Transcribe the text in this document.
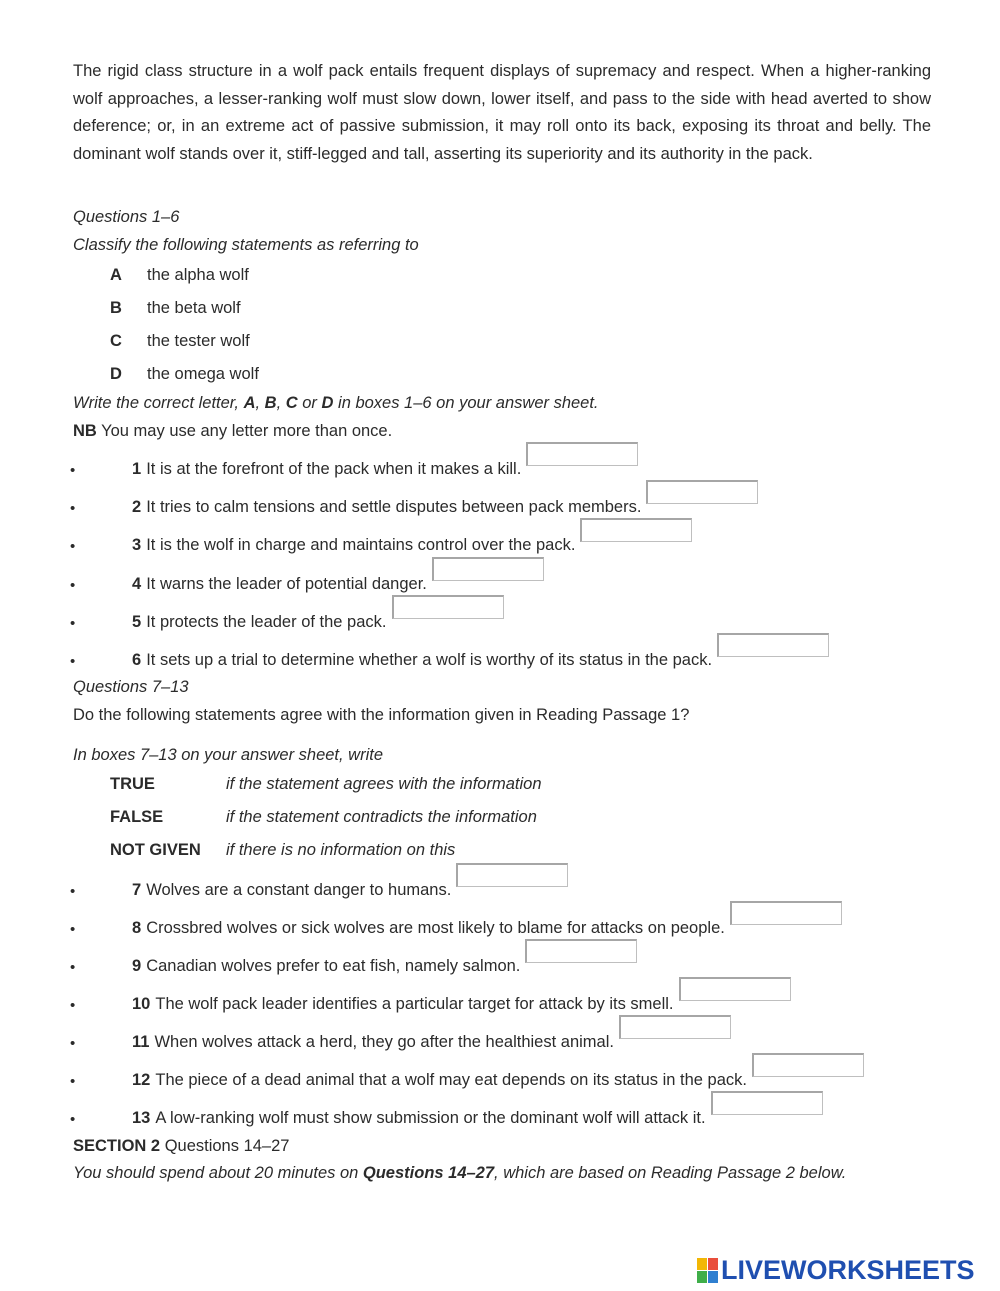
The rigid class structure in a wolf pack entails frequent displays of supremacy and respect. When a higher-ranking wolf approaches, a lesser-ranking wolf must slow down, lower itself, and pass to the side with head averted to show deference; or, in an extreme act of passive submission, it may roll onto its back, exposing its throat and belly. The dominant wolf stands over it, stiff-legged and tall, asserting its superiority and its authority in the pack.
Questions 1–6
Classify the following statements as referring to
A the alpha wolf
B the beta wolf
C the tester wolf
D the omega wolf
Write the correct letter, A, B, C or D in boxes 1–6 on your answer sheet.
NB You may use any letter more than once.
•	1 It is at the forefront of the pack when it makes a kill.
•	2 It tries to calm tensions and settle disputes between pack members.
•	3 It is the wolf in charge and maintains control over the pack.
•	4 It warns the leader of potential danger.
•	5 It protects the leader of the pack.
•	6 It sets up a trial to determine whether a wolf is worthy of its status in the pack.
Questions 7–13
Do the following statements agree with the information given in Reading Passage 1?
In boxes 7–13 on your answer sheet, write
TRUE	if the statement agrees with the information
FALSE	if the statement contradicts the information
NOT GIVEN if there is no information on this
•	7 Wolves are a constant danger to humans.
•	8 Crossbred wolves or sick wolves are most likely to blame for attacks on people.
•	9 Canadian wolves prefer to eat fish, namely salmon.
•	10 The wolf pack leader identifies a particular target for attack by its smell.
•	11 When wolves attack a herd, they go after the healthiest animal.
•	12 The piece of a dead animal that a wolf may eat depends on its status in the pack.
•	13 A low-ranking wolf must show submission or the dominant wolf will attack it.
SECTION 2 Questions 14–27
You should spend about 20 minutes on Questions 14–27, which are based on Reading Passage 2 below.
LIVEWORKSHEETS
